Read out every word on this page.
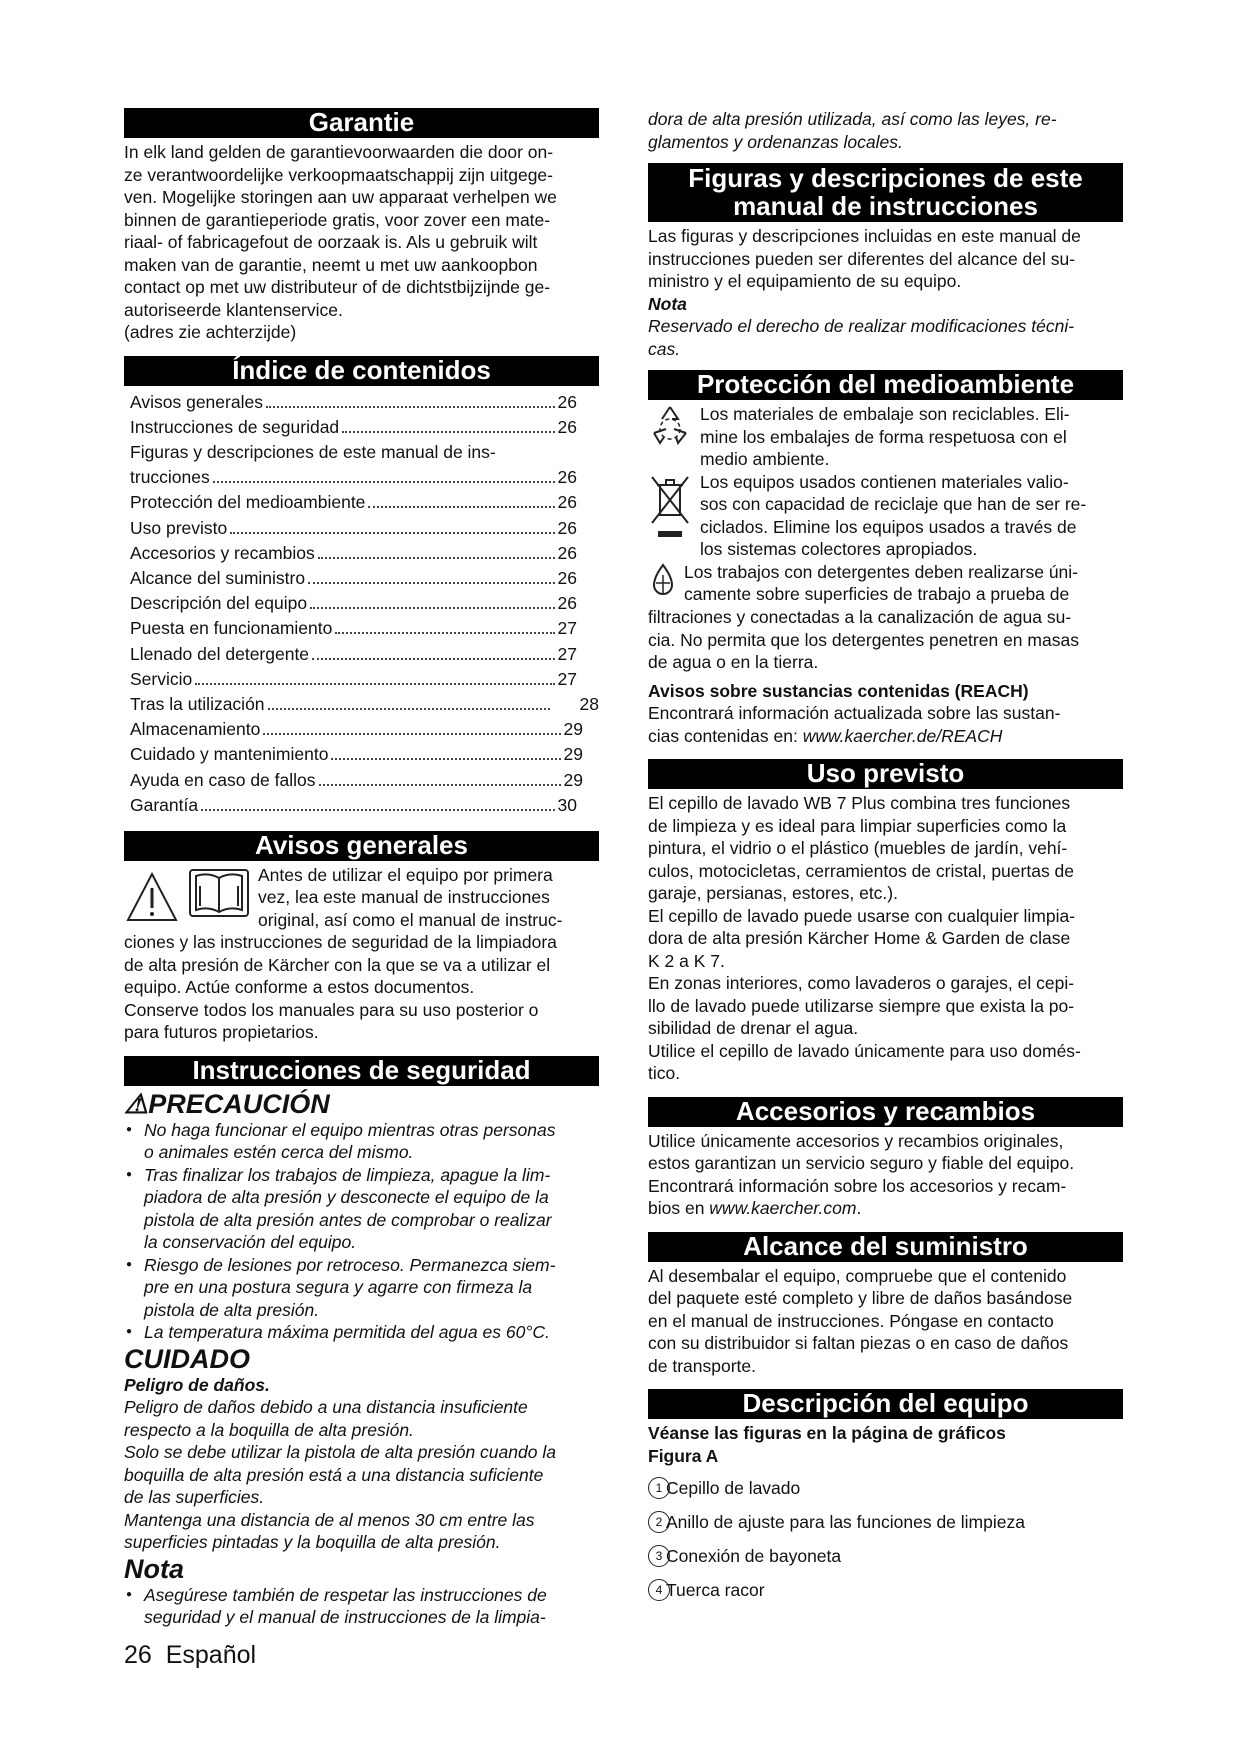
Garantie
In elk land gelden de garantievoorwaarden die door on-
ze verantwoordelijke verkoopmaatschappij zijn uitgege-
ven. Mogelijke storingen aan uw apparaat verhelpen we
binnen de garantieperiode gratis, voor zover een mate-
riaal- of fabricagefout de oorzaak is. Als u gebruik wilt
maken van de garantie, neemt u met uw aankoopbon
contact op met uw distributeur of de dichtstbijzijnde ge-
autoriseerde klantenservice.
(adres zie achterzijde)
Índice de contenidos
Avisos generales	26
Instrucciones de seguridad	26
Figuras y descripciones de este manual de ins-
trucciones	26
Protección del medioambiente	26
Uso previsto	26
Accesorios y recambios	26
Alcance del suministro	26
Descripción del equipo	26
Puesta en funcionamiento	27
Llenado del detergente	27
Servicio	27
Tras la utilización	28
Almacenamiento	29
Cuidado y mantenimiento	29
Ayuda en caso de fallos	29
Garantía	30
Avisos generales
Antes de utilizar el equipo por primera
vez, lea este manual de instrucciones
original, así como el manual de instruc-
ciones y las instrucciones de seguridad de la limpiadora
de alta presión de Kärcher con la que se va a utilizar el
equipo. Actúe conforme a estos documentos.
Conserve todos los manuales para su uso posterior o
para futuros propietarios.
Instrucciones de seguridad
⚠PRECAUCIÓN
● No haga funcionar el equipo mientras otras personas
o animales estén cerca del mismo.
● Tras finalizar los trabajos de limpieza, apague la lim-
piadora de alta presión y desconecte el equipo de la
pistola de alta presión antes de comprobar o realizar
la conservación del equipo.
● Riesgo de lesiones por retroceso. Permanezca siem-
pre en una postura segura y agarre con firmeza la
pistola de alta presión.
● La temperatura máxima permitida del agua es 60°C.
CUIDADO
Peligro de daños.
Peligro de daños debido a una distancia insuficiente
respecto a la boquilla de alta presión.
Solo se debe utilizar la pistola de alta presión cuando la
boquilla de alta presión está a una distancia suficiente
de las superficies.
Mantenga una distancia de al menos 30 cm entre las
superficies pintadas y la boquilla de alta presión.
Nota
● Asegúrese también de respetar las instrucciones de
seguridad y el manual de instrucciones de la limpia-
dora de alta presión utilizada, así como las leyes, re-
glamentos y ordenanzas locales.
Figuras y descripciones de este
manual de instrucciones
Las figuras y descripciones incluidas en este manual de
instrucciones pueden ser diferentes del alcance del su-
ministro y el equipamiento de su equipo.
Nota
Reservado el derecho de realizar modificaciones técni-
cas.
Protección del medioambiente
Los materiales de embalaje son reciclables. Eli-
mine los embalajes de forma respetuosa con el
medio ambiente.
Los equipos usados contienen materiales valio-
sos con capacidad de reciclaje que han de ser re-
ciclados. Elimine los equipos usados a través de
los sistemas colectores apropiados.
Los trabajos con detergentes deben realizarse úni-
camente sobre superficies de trabajo a prueba de
filtraciones y conectadas a la canalización de agua su-
cia. No permita que los detergentes penetren en masas
de agua o en la tierra.
Avisos sobre sustancias contenidas (REACH)
Encontrará información actualizada sobre las sustan-
cias contenidas en: www.kaercher.de/REACH
Uso previsto
El cepillo de lavado WB 7 Plus combina tres funciones
de limpieza y es ideal para limpiar superficies como la
pintura, el vidrio o el plástico (muebles de jardín, vehí-
culos, motocicletas, cerramientos de cristal, puertas de
garaje, persianas, estores, etc.).
El cepillo de lavado puede usarse con cualquier limpia-
dora de alta presión Kärcher Home & Garden de clase
K 2 a K 7.
En zonas interiores, como lavaderos o garajes, el cepi-
llo de lavado puede utilizarse siempre que exista la po-
sibilidad de drenar el agua.
Utilice el cepillo de lavado únicamente para uso domés-
tico.
Accesorios y recambios
Utilice únicamente accesorios y recambios originales,
estos garantizan un servicio seguro y fiable del equipo.
Encontrará información sobre los accesorios y recam-
bios en www.kaercher.com.
Alcance del suministro
Al desembalar el equipo, compruebe que el contenido
del paquete esté completo y libre de daños basándose
en el manual de instrucciones. Póngase en contacto
con su distribuidor si faltan piezas o en caso de daños
de transporte.
Descripción del equipo
Véanse las figuras en la página de gráficos
Figura A
1 Cepillo de lavado
2 Anillo de ajuste para las funciones de limpieza
3 Conexión de bayoneta
4 Tuerca racor
26 Español
